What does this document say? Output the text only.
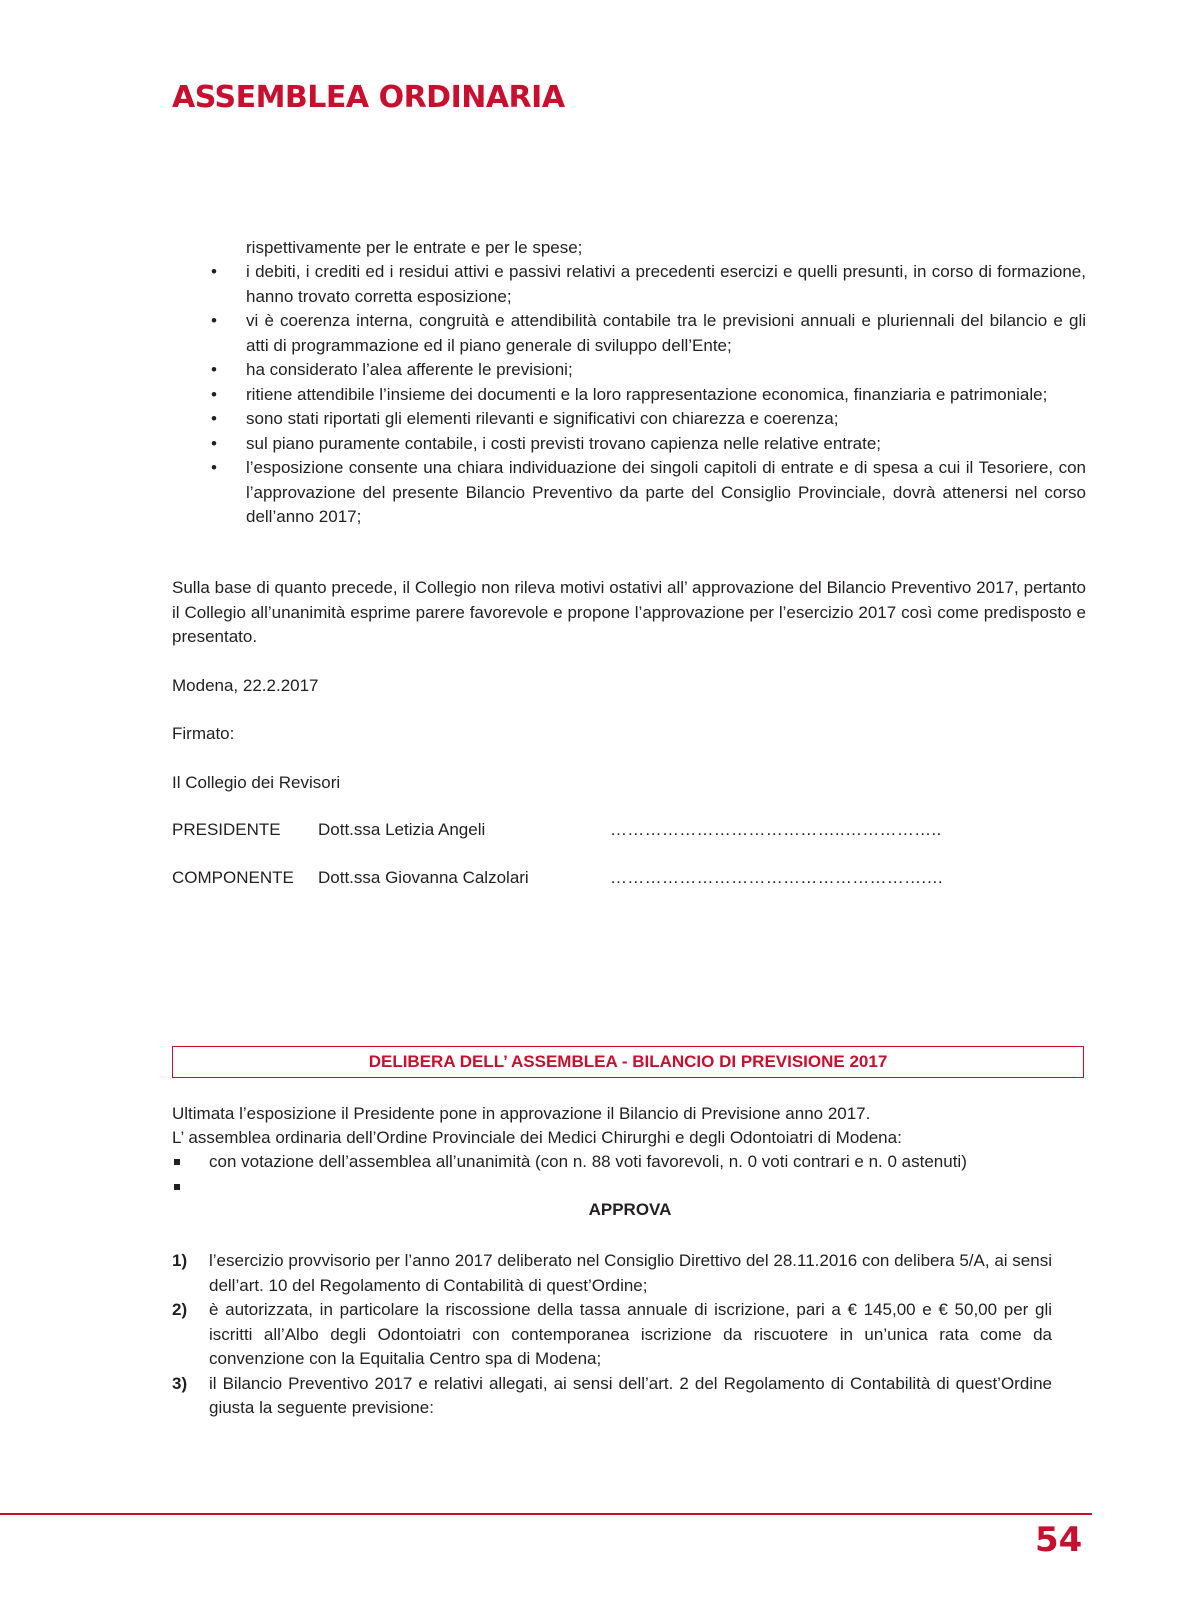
ASSEMBLEA ORDINARIA
rispettivamente per le entrate e per le spese;
• i debiti, i crediti ed i residui attivi e passivi relativi a precedenti esercizi e quelli presunti, in corso di formazione, hanno trovato corretta esposizione;
• vi è coerenza interna, congruità e attendibilità contabile tra le previsioni annuali e pluriennali del bilancio e gli atti di programmazione ed il piano generale di sviluppo dell’Ente;
• ha considerato l’alea afferente le previsioni;
• ritiene attendibile l’insieme dei documenti e la loro rappresentazione economica, finanziaria e patrimoniale;
• sono stati riportati gli elementi rilevanti e significativi con chiarezza e coerenza;
• sul piano puramente contabile, i costi previsti trovano capienza nelle relative entrate;
• l’esposizione consente una chiara individuazione dei singoli capitoli di entrate e di spesa a cui il Tesoriere, con l’approvazione del presente Bilancio Preventivo da parte del Consiglio Provinciale, dovrà attenersi nel corso dell’anno 2017;
Sulla base di quanto precede, il Collegio non rileva motivi ostativi all’ approvazione del Bilancio Preventivo 2017, pertanto il Collegio all’unanimità esprime parere favorevole e propone l’approvazione per l’esercizio 2017 così come predisposto e presentato.
Modena, 22.2.2017
Firmato:
Il Collegio dei Revisori
PRESIDENTE Dott.ssa Letizia Angeli	…………………………………..……………..
COMPONENTE Dott.ssa Giovanna Calzolari	……………………………………………….…
DELIBERA DELL’ ASSEMBLEA - BILANCIO DI PREVISIONE 2017
Ultimata l’esposizione il Presidente pone in approvazione il Bilancio di Previsione anno 2017.
L’ assemblea ordinaria dell’Ordine Provinciale dei Medici Chirurghi e degli Odontoiatri di Modena:
con votazione dell’assemblea all’unanimità (con n. 88 voti favorevoli, n. 0 voti contrari e n. 0 astenuti)
APPROVA
1) l’esercizio provvisorio per l’anno 2017 deliberato nel Consiglio Direttivo del 28.11.2016 con delibera 5/A, ai sensi dell’art. 10 del Regolamento di Contabilità di quest’Ordine;
2) è autorizzata, in particolare la riscossione della tassa annuale di iscrizione, pari a € 145,00 e € 50,00 per gli iscritti all’Albo degli Odontoiatri con contemporanea iscrizione da riscuotere in un’unica rata come da convenzione con la Equitalia Centro spa di Modena;
3) il Bilancio Preventivo 2017 e relativi allegati, ai sensi dell’art. 2 del Regolamento di Contabilità di quest’Ordine giusta la seguente previsione:
54
